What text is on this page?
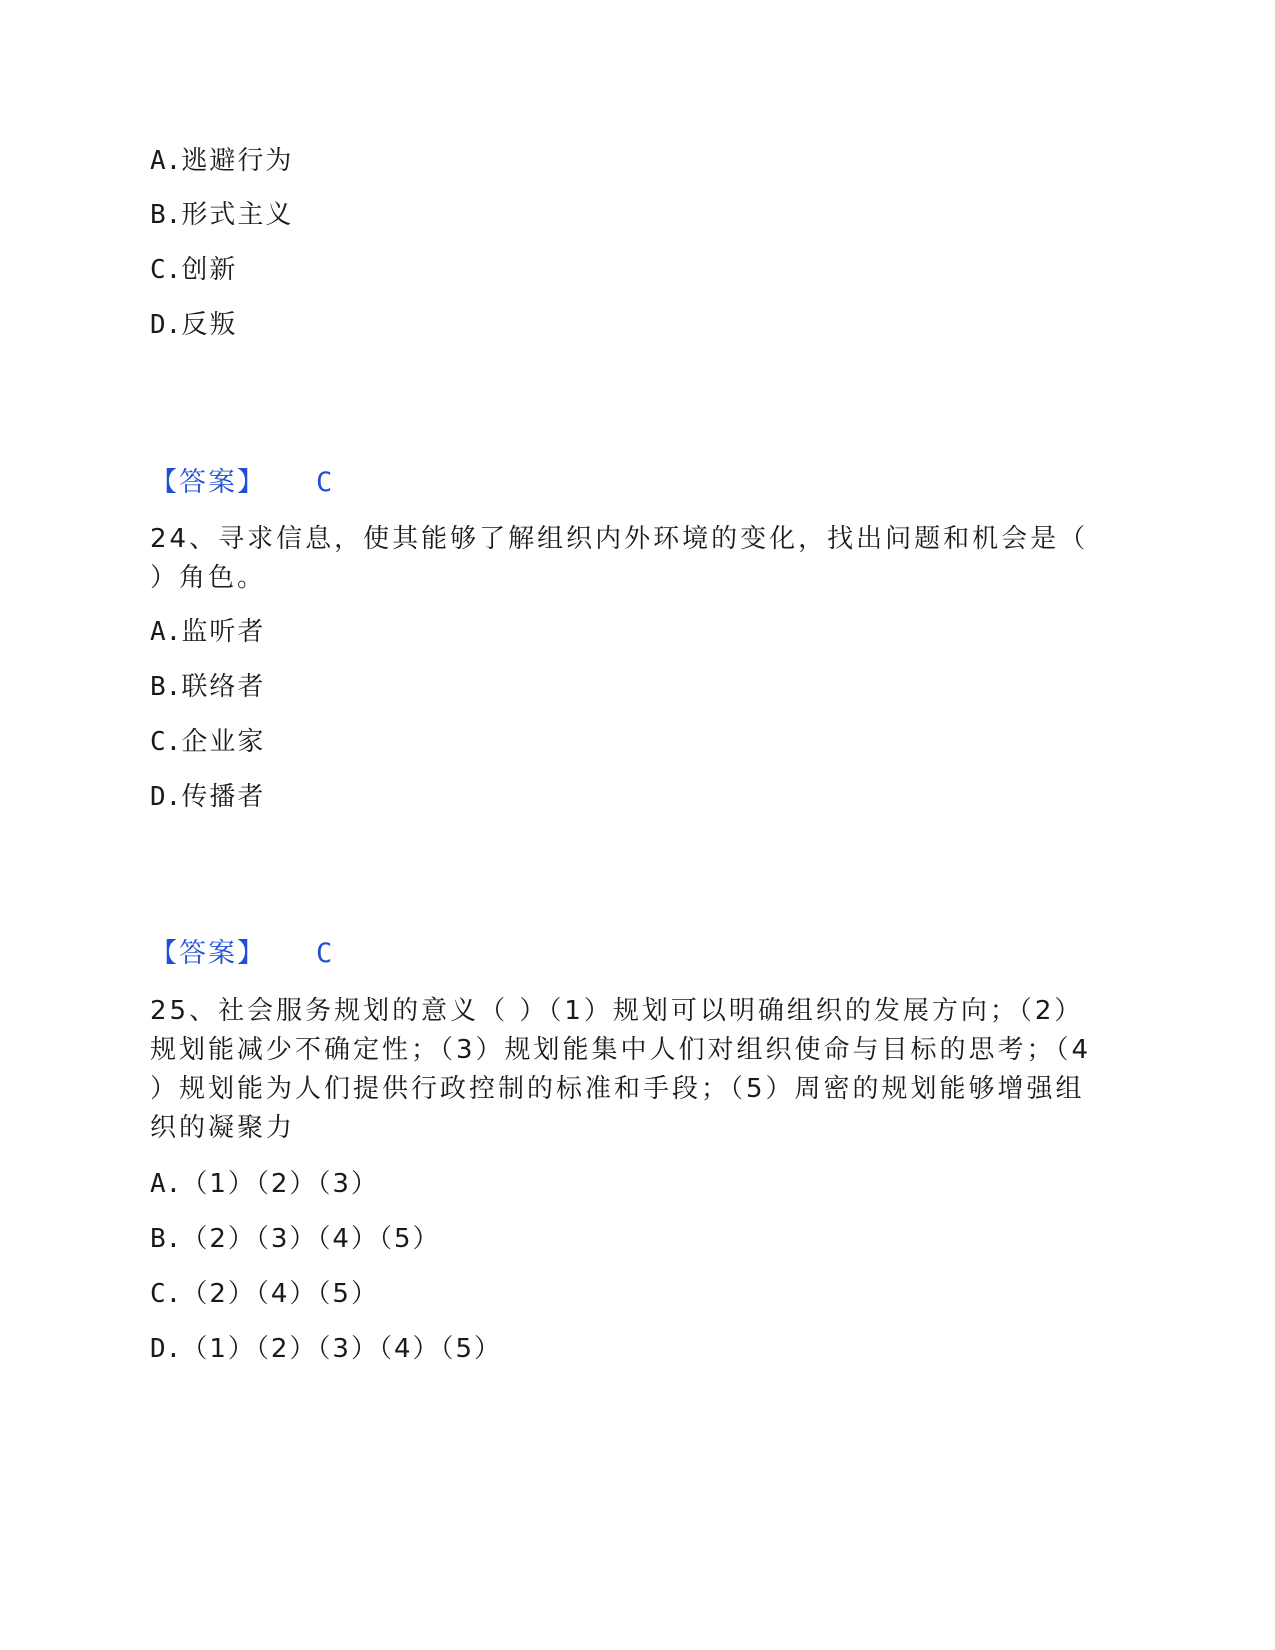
A.逃避行为
B.形式主义
C.创新
D.反叛
【答案】 C
24、寻求信息，使其能够了解组织内外环境的变化，找出问题和机会是（
）角色。
A.监听者
B.联络者
C.企业家
D.传播者
【答案】 C
25、社会服务规划的意义（ ）（1）规划可以明确组织的发展方向；（2）
规划能减少不确定性；（3）规划能集中人们对组织使命与目标的思考；（4
）规划能为人们提供行政控制的标准和手段；（5）周密的规划能够增强组
织的凝聚力
A.（1）（2）（3）
B.（2）（3）（4）（5）
C.（2）（4）（5）
D.（1）（2）（3）（4）（5）
